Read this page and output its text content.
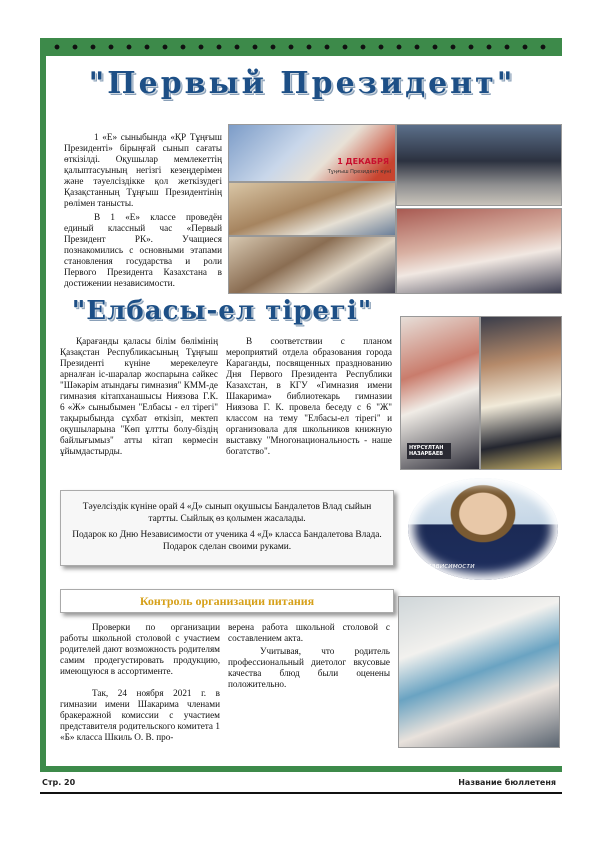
"Первый Президент"
1 «Е» сыныбында «ҚР Тұңғыш Президенті» бірыңғай сынып сағаты өткізілді. Оқушылар мемлекеттің қалыптасуының негізгі кезеңдерімен және тәуелсіздікке қол жеткізудегі Қазақстанның Тұңғыш Президентінің рөлімен танысты.
В 1 «Е» классе проведён единый классный час «Первый Президент РК». Учащиеся познакомились с основными этапами становления государства и роли Первого Президента Казахстана в достижении независимости.
1 ДЕКАБРЯ
Тұңғыш Президент күні
"Елбасы-ел тірегі"
Қарағанды қаласы білім бөлімінің Қазақстан Республикасының Тұңғыш Президенті күніне мерекелеуге арналған іс-шаралар жоспарына сәйкес "Шәкәрім атындағы гимназия" КММ-де гимназия кітапханашысы Ниязова Г.К. 6 «Ж» сыныбымен "Елбасы - ел тірегі" тақырыбында сұхбат өткізіп, мектеп оқушыларына "Көп ұлтты болу-біздің байлығымыз" атты кітап көрмесін ұйымдастырды.
В соответствии с планом мероприятий отдела образования города Караганды, посвященных празднованию Дня Первого Президента Республики Казахстан, в КГУ «Гимназия имени Шакарима» библиотекарь гимназии Ниязова Г. К. провела беседу с 6 "Ж" классом на тему "Елбасы-ел тірегі" и организовала для школьников книжную выставку "Многонациональность - наше богатство".	НҰРСҰЛТАН НАЗАРБАЕВ
Тәуелсіздік күніне орай 4 «Д» сынып оқушысы Бандалетов Влад сыйын тартты. Сыйлық өз қолымен жасалады.
Подарок ко Дню Независимости от ученика 4 «Д» класса Бандалетова Влада. Подарок сделан своими руками.
Независимости
Контроль организации питания
Проверки по организации работы школьной столовой с участием родителей дают возможность родителям самим продегустировать продукцию, имеющуюся в ассортименте.
Так, 24 ноября 2021 г. в гимназии имени Шакарима членами бракеражной комиссии с участием представителя родительского комитета 1 «Б» класса Шкиль О. В. про-
верена работа школьной столовой с составлением акта.
Учитывая, что родитель профессиональный диетолог вкусовые качества блюд были оценены положительно.
Стр. 20	Название бюллетеня
